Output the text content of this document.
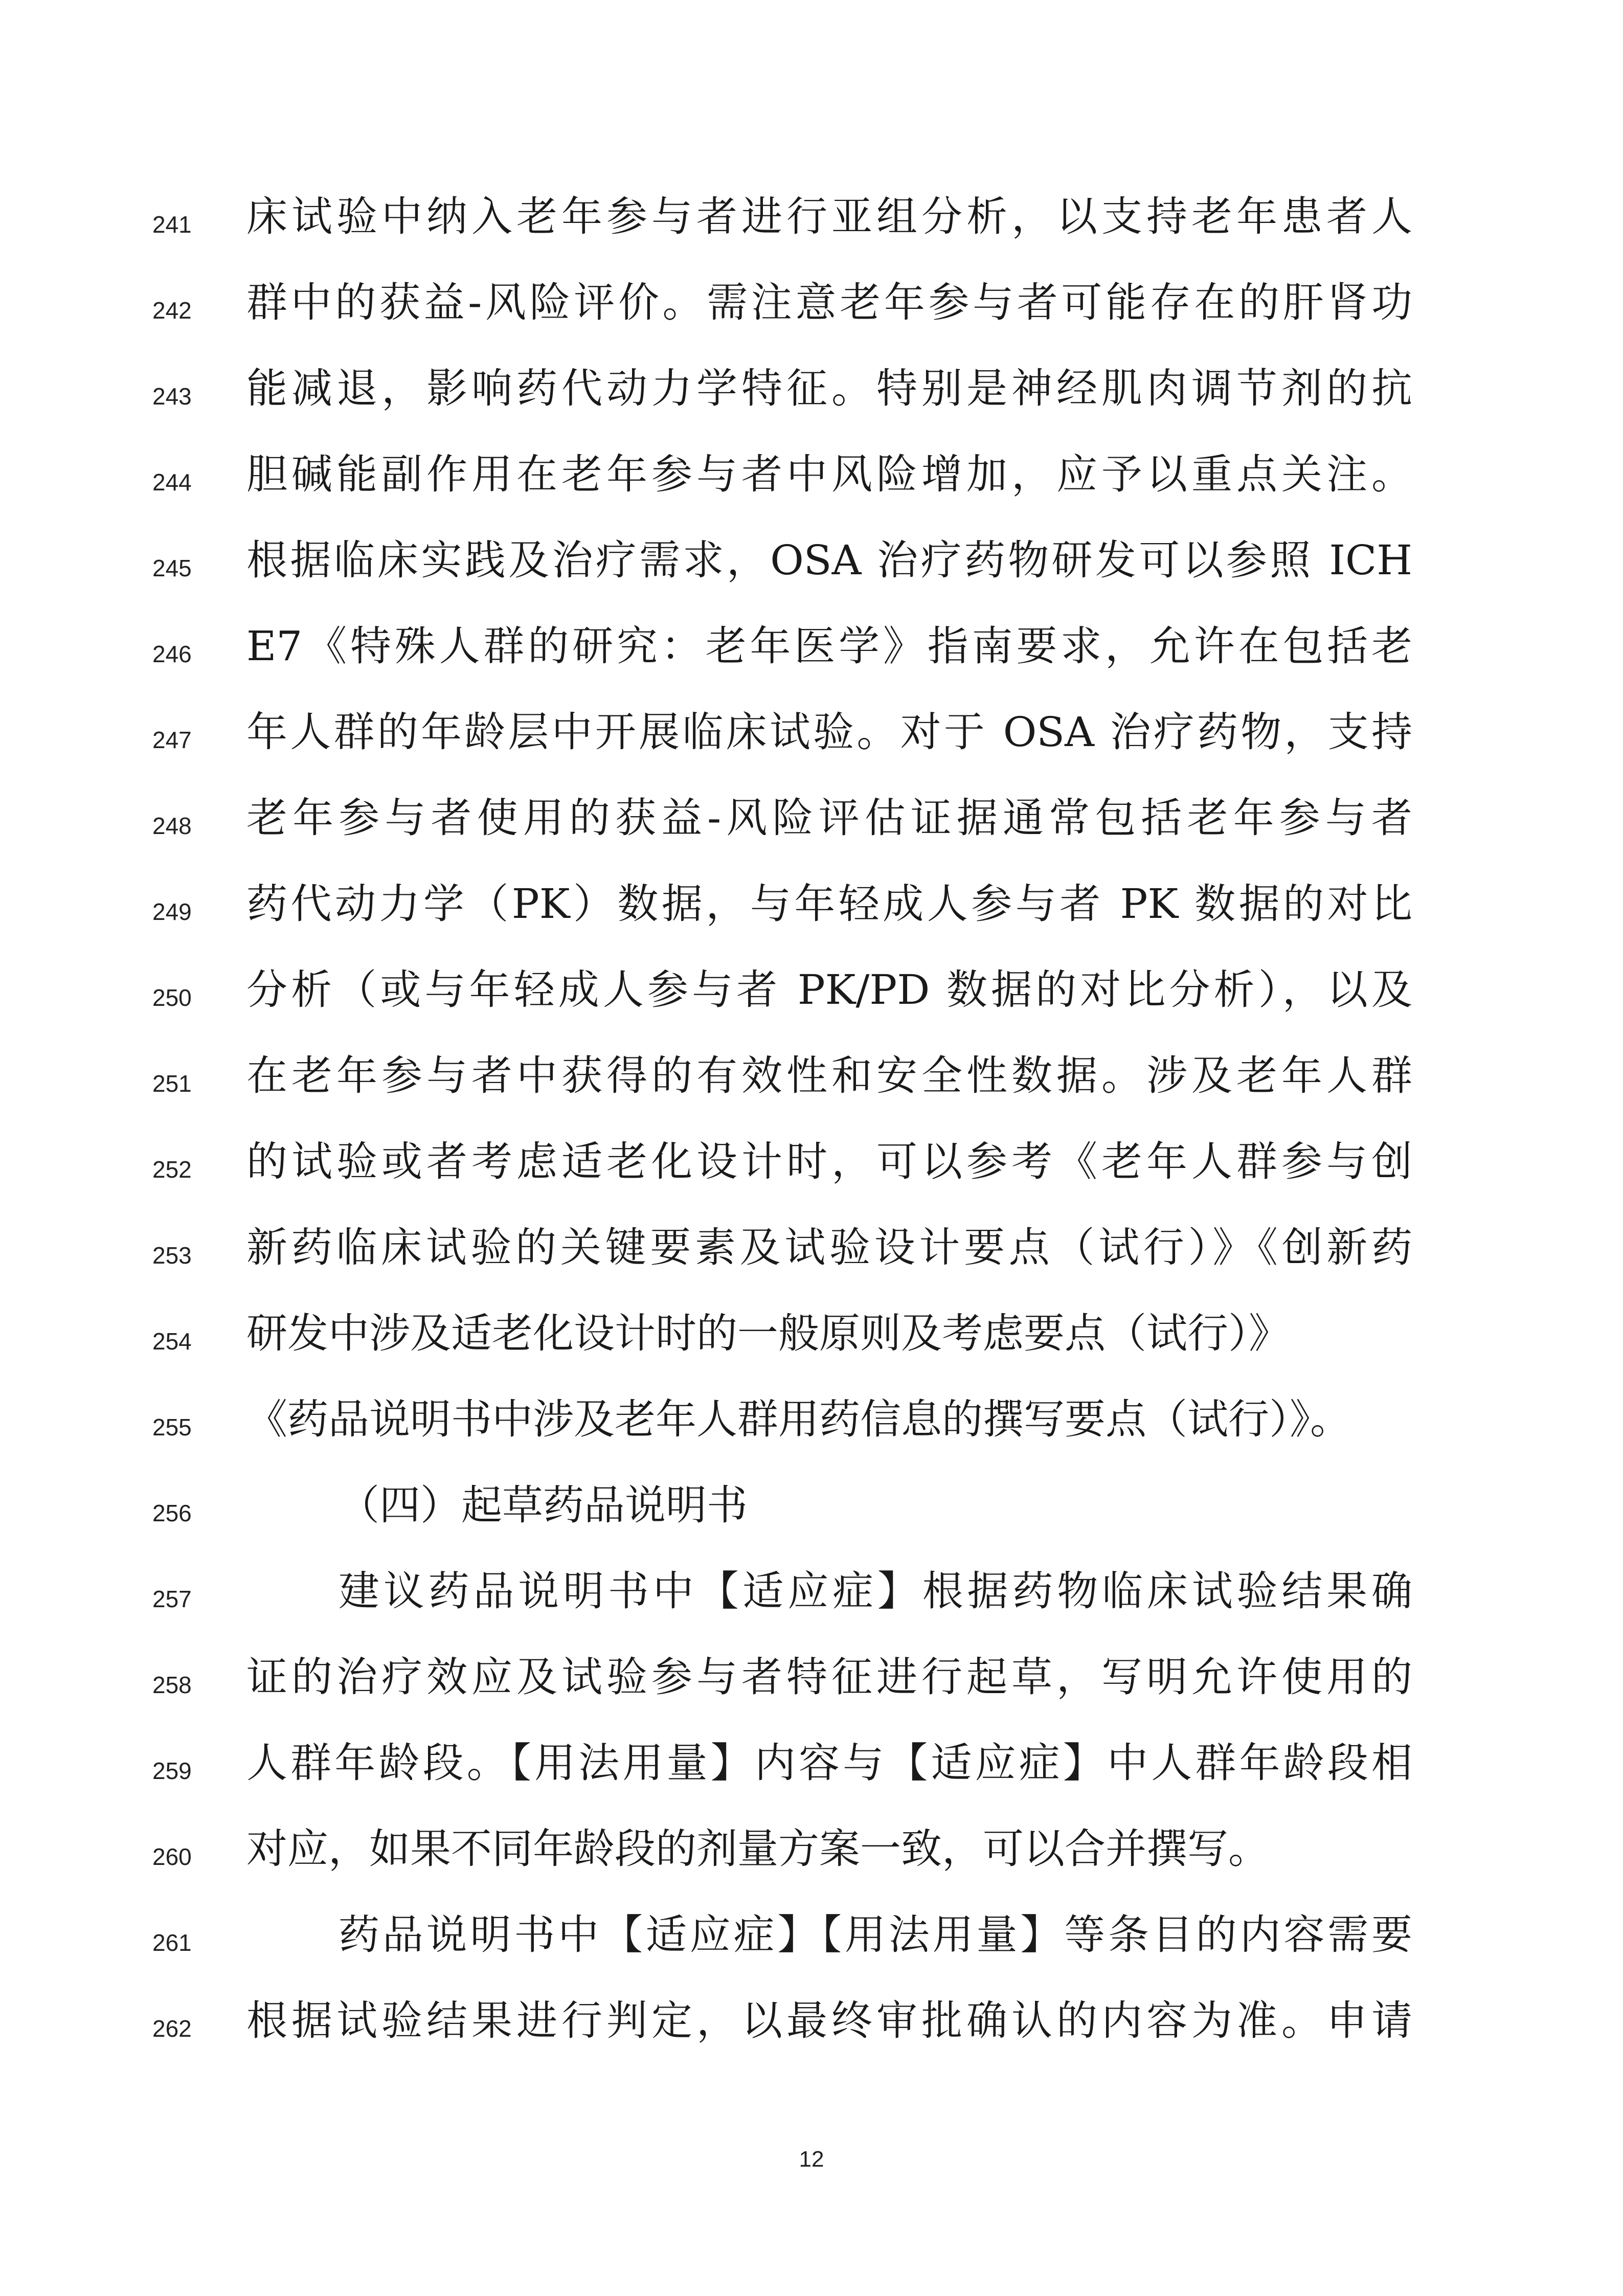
241 床试验中纳入老年参与者进行亚组分析，以支持老年患者人
242 群中的获益-风险评价。需注意老年参与者可能存在的肝肾功
243 能减退，影响药代动力学特征。特别是神经肌肉调节剂的抗
244 胆碱能副作用在老年参与者中风险增加，应予以重点关注。
245 根据临床实践及治疗需求，OSA 治疗药物研发可以参照 ICH
246 E7《特殊人群的研究：老年医学》指南要求，允许在包括老
247 年人群的年龄层中开展临床试验。对于 OSA 治疗药物，支持
248 老年参与者使用的获益-风险评估证据通常包括老年参与者
249 药代动力学（PK）数据，与年轻成人参与者 PK 数据的对比
250 分析（或与年轻成人参与者 PK/PD 数据的对比分析），以及
251 在老年参与者中获得的有效性和安全性数据。涉及老年人群
252 的试验或者考虑适老化设计时，可以参考《老年人群参与创
253 新药临床试验的关键要素及试验设计要点（试行）》《创新药
254 研发中涉及适老化设计时的一般原则及考虑要点（试行）》
255 《药品说明书中涉及老年人群用药信息的撰写要点（试行）》。
256	（四）起草药品说明书
257	建议药品说明书中【适应症】根据药物临床试验结果确
258 证的治疗效应及试验参与者特征进行起草，写明允许使用的
259 人群年龄段。【用法用量】内容与【适应症】中人群年龄段相
260 对应，如果不同年龄段的剂量方案一致，可以合并撰写。
261	药品说明书中【适应症】【用法用量】等条目的内容需要
262 根据试验结果进行判定，以最终审批确认的内容为准。申请
12
